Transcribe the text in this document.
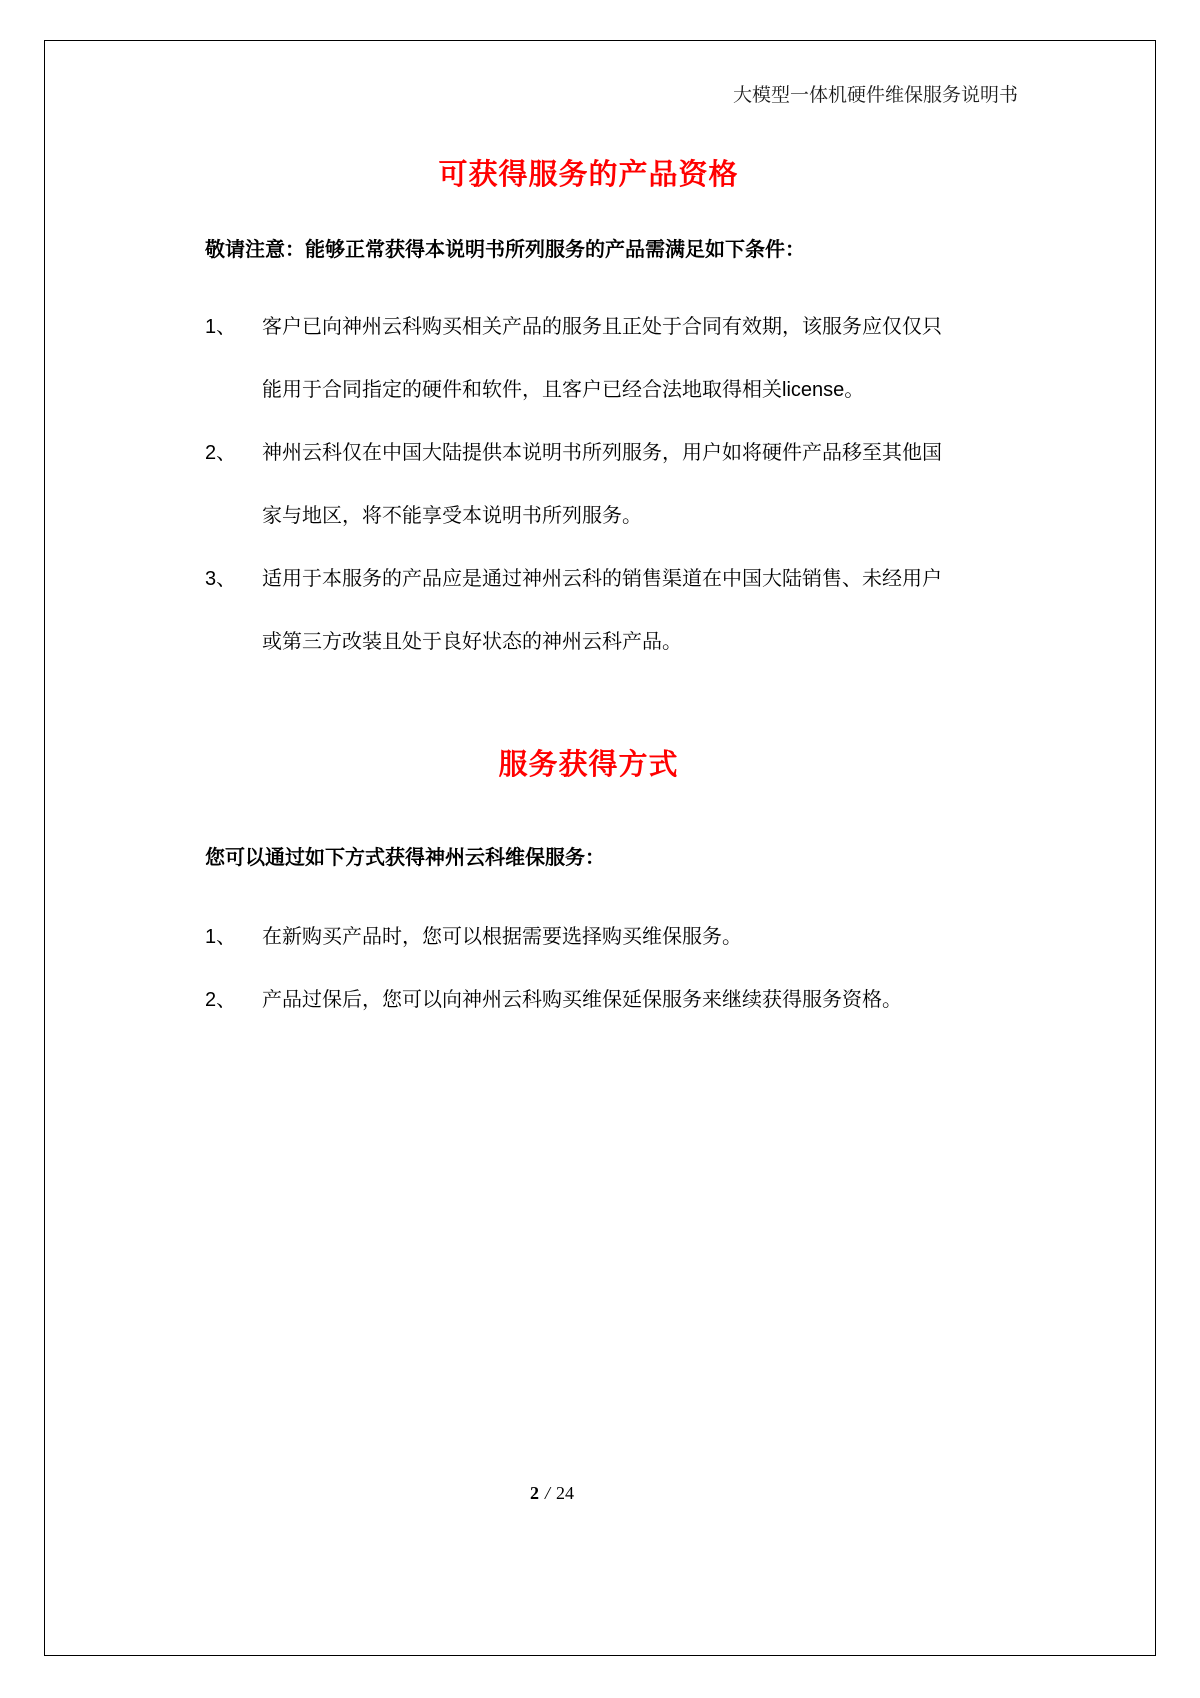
大模型一体机硬件维保服务说明书
可获得服务的产品资格
敬请注意：能够正常获得本说明书所列服务的产品需满足如下条件：
1、	客户已向神州云科购买相关产品的服务且正处于合同有效期，该服务应仅仅只
能用于合同指定的硬件和软件，且客户已经合法地取得相关license。
2、	神州云科仅在中国大陆提供本说明书所列服务，用户如将硬件产品移至其他国
家与地区，将不能享受本说明书所列服务。
3、	适用于本服务的产品应是通过神州云科的销售渠道在中国大陆销售、未经用户
或第三方改装且处于良好状态的神州云科产品。
服务获得方式
您可以通过如下方式获得神州云科维保服务：
1、	在新购买产品时，您可以根据需要选择购买维保服务。
2、	产品过保后，您可以向神州云科购买维保延保服务来继续获得服务资格。
2 / 24
